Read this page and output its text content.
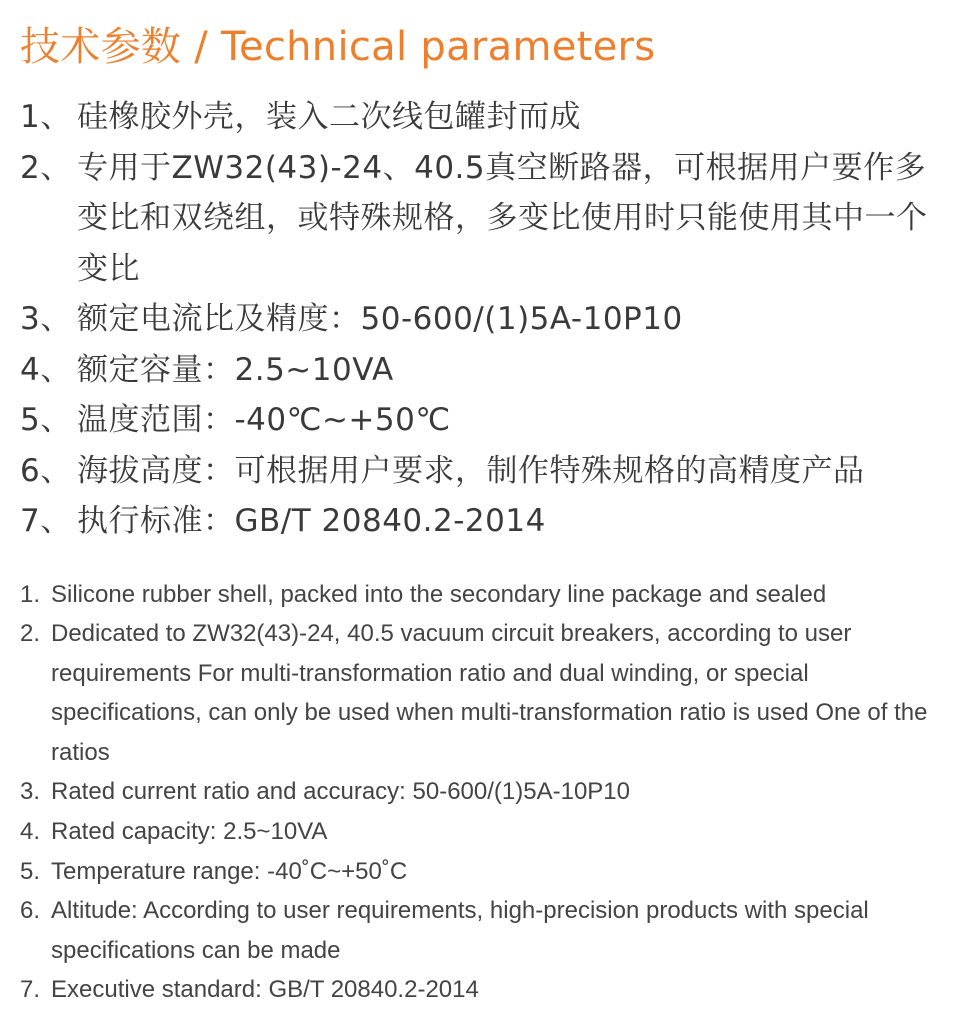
技术参数 / Technical parameters
1、 硅橡胶外壳，装入二次线包罐封而成
2、 专用于ZW32(43)-24、40.5真空断路器，可根据用户要作多变比和双绕组，或特殊规格，多变比使用时只能使用其中一个变比
3、 额定电流比及精度：50-600/(1)5A-10P10
4、 额定容量：2.5~10VA
5、 温度范围：-40℃~+50℃
6、 海拔高度：可根据用户要求，制作特殊规格的高精度产品
7、 执行标准：GB/T 20840.2-2014
1. Silicone rubber shell, packed into the secondary line package and sealed
2. Dedicated to ZW32(43)-24, 40.5 vacuum circuit breakers, according to user requirements For multi-transformation ratio and dual winding, or special specifications, can only be used when multi-transformation ratio is used One of the ratios
3. Rated current ratio and accuracy: 50-600/(1)5A-10P10
4. Rated capacity: 2.5~10VA
5. Temperature range: -40˚C~+50˚C
6. Altitude: According to user requirements, high-precision products with special specifications can be made
7. Executive standard: GB/T 20840.2-2014
